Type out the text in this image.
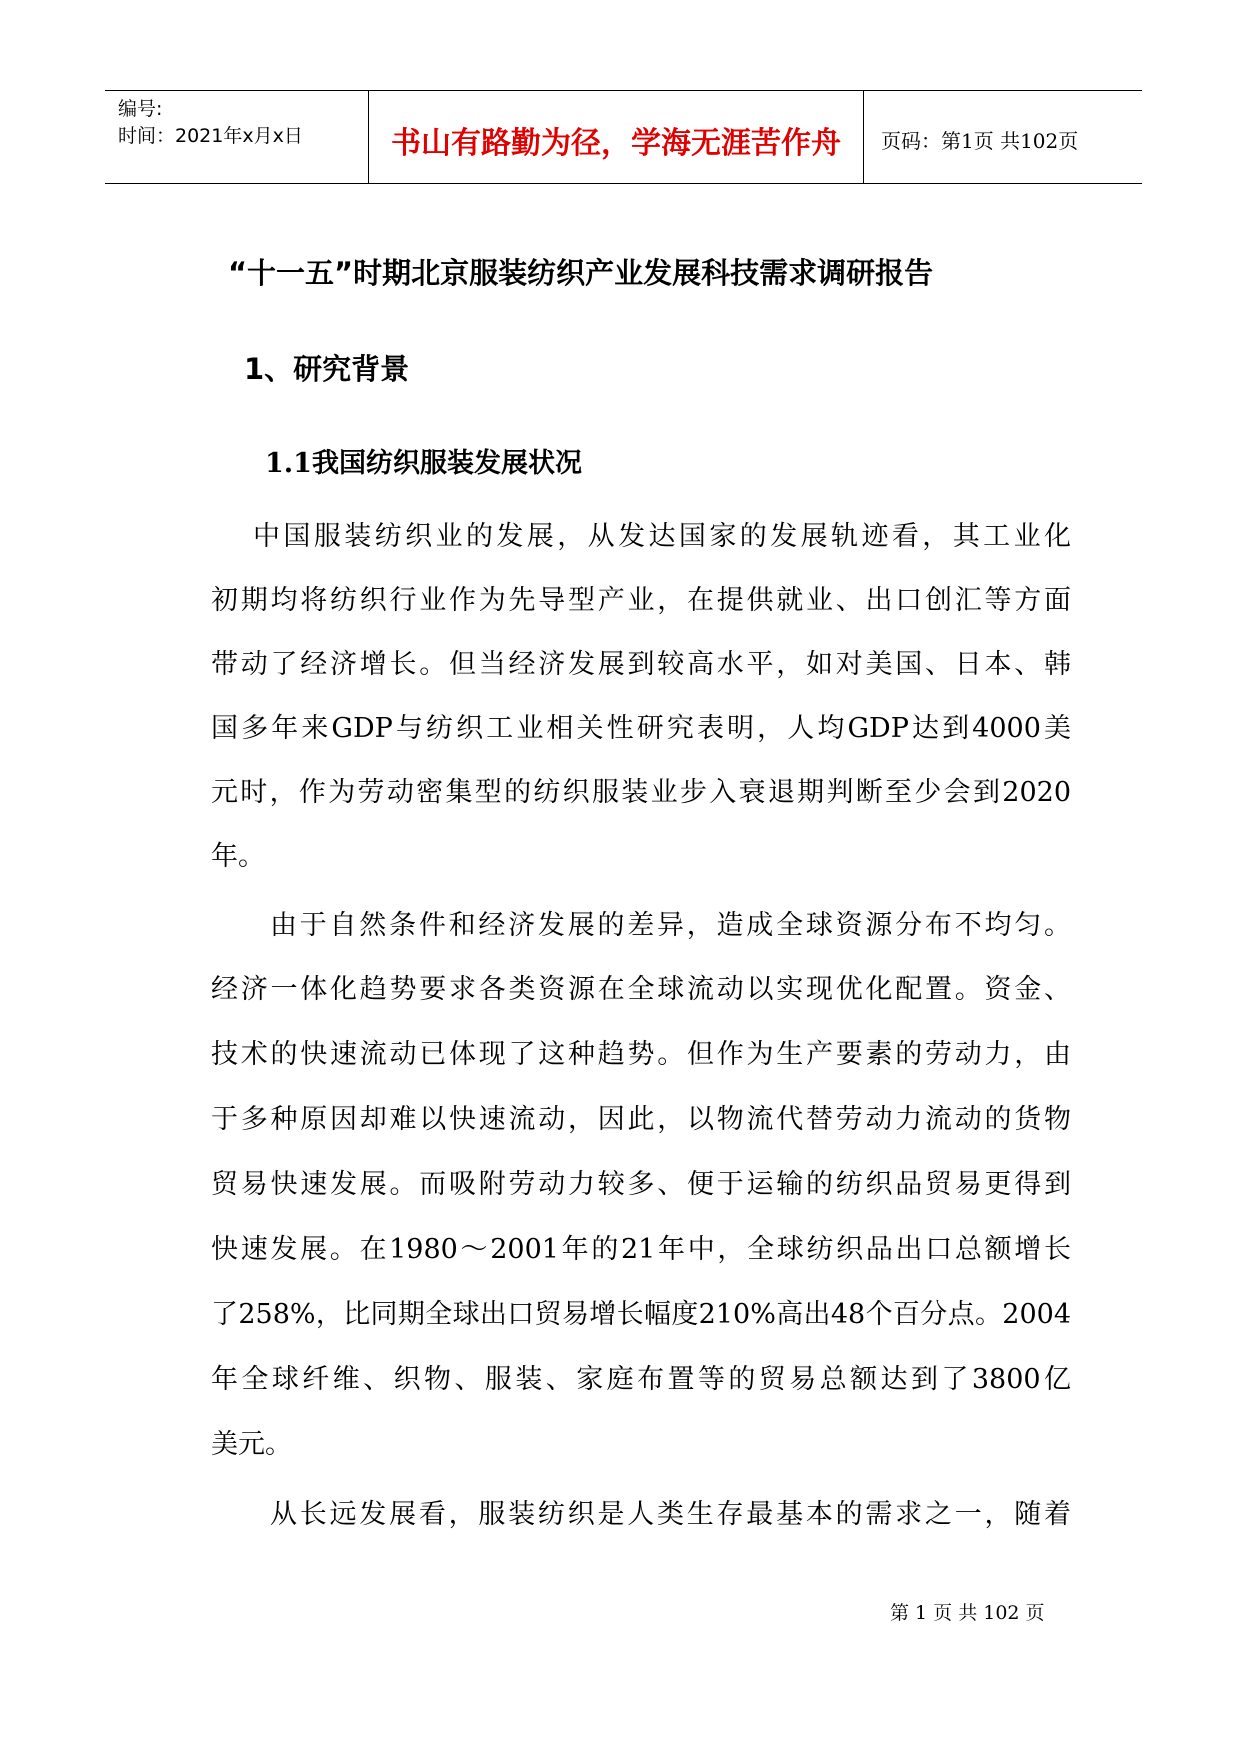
编号:
时间：2021年x月x日	书山有路勤为径，学海无涯苦作舟	页码：第1页 共102页
“十一五”时期北京服装纺织产业发展科技需求调研报告
1、研究背景
1.1我国纺织服装发展状况
中国服装纺织业的发展，从发达国家的发展轨迹看，其工业化
初期均将纺织行业作为先导型产业，在提供就业、出口创汇等方面
带动了经济增长。但当经济发展到较高水平，如对美国、日本、韩
国多年来GDP与纺织工业相关性研究表明，人均GDP达到4000美
元时，作为劳动密集型的纺织服装业步入衰退期判断至少会到2020
年。
由于自然条件和经济发展的差异，造成全球资源分布不均匀。
经济一体化趋势要求各类资源在全球流动以实现优化配置。资金、
技术的快速流动已体现了这种趋势。但作为生产要素的劳动力，由
于多种原因却难以快速流动，因此，以物流代替劳动力流动的货物
贸易快速发展。而吸附劳动力较多、便于运输的纺织品贸易更得到
快速发展。在1980～2001年的21年中，全球纺织品出口总额增长
了258%，比同期全球出口贸易增长幅度210%高出48个百分点。2004
年全球纤维、织物、服装、家庭布置等的贸易总额达到了3800亿
美元。
从长远发展看，服装纺织是人类生存最基本的需求之一，随着
第 1 页 共 102 页
